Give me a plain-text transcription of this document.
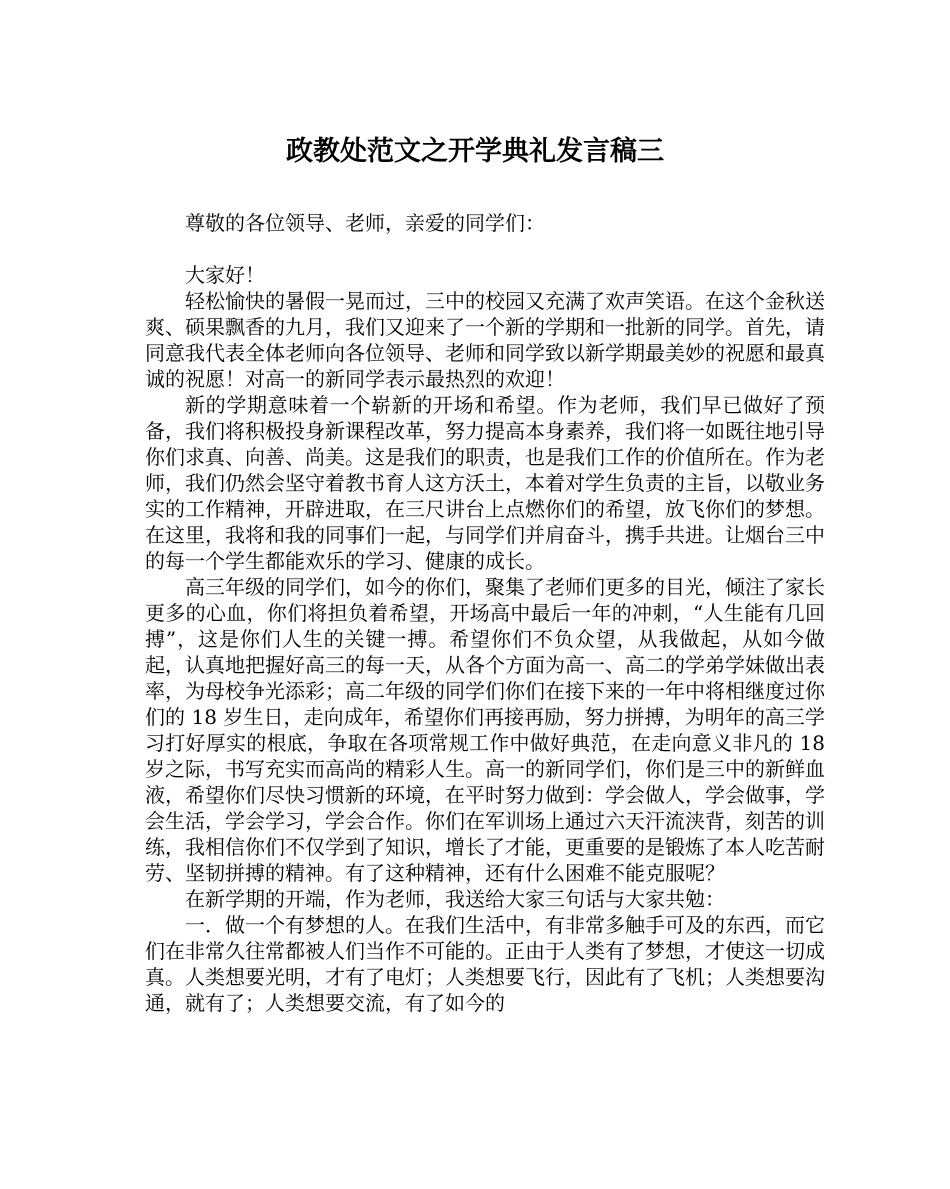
政教处范文之开学典礼发言稿三

尊敬的各位领导、老师，亲爱的同学们：

大家好！

轻松愉快的暑假一晃而过，三中的校园又充满了欢声笑语。在这个金秋送爽、硕果飘香的九月，我们又迎来了一个新的学期和一批新的同学。首先，请同意我代表全体老师向各位领导、老师和同学致以新学期最美妙的祝愿和最真诚的祝愿！对高一的新同学表示最热烈的欢迎！

新的学期意味着一个崭新的开场和希望。作为老师，我们早已做好了预备，我们将积极投身新课程改革，努力提高本身素养，我们将一如既往地引导你们求真、向善、尚美。这是我们的职责，也是我们工作的价值所在。作为老师，我们仍然会坚守着教书育人这方沃土，本着对学生负责的主旨，以敬业务实的工作精神，开辟进取，在三尺讲台上点燃你们的希望，放飞你们的梦想。在这里，我将和我的同事们一起，与同学们并肩奋斗，携手共进。让烟台三中的每一个学生都能欢乐的学习、健康的成长。

高三年级的同学们，如今的你们，聚集了老师们更多的目光，倾注了家长更多的心血，你们将担负着希望，开场高中最后一年的冲刺，“人生能有几回搏”，这是你们人生的关键一搏。希望你们不负众望，从我做起，从如今做起，认真地把握好高三的每一天，从各个方面为高一、高二的学弟学妹做出表率，为母校争光添彩；高二年级的同学们你们在接下来的一年中将相继度过你们的 18 岁生日，走向成年，希望你们再接再励，努力拼搏，为明年的高三学习打好厚实的根底，争取在各项常规工作中做好典范，在走向意义非凡的 18 岁之际，书写充实而高尚的精彩人生。高一的新同学们，你们是三中的新鲜血液，希望你们尽快习惯新的环境，在平时努力做到：学会做人，学会做事，学会生活，学会学习，学会合作。你们在军训场上通过六天汗流浃背，刻苦的训练，我相信你们不仅学到了知识，增长了才能，更重要的是锻炼了本人吃苦耐劳、坚韧拼搏的精神。有了这种精神，还有什么困难不能克服呢？

在新学期的开端，作为老师，我送给大家三句话与大家共勉：

一．做一个有梦想的人。在我们生活中，有非常多触手可及的东西，而它们在非常久往常都被人们当作不可能的。正由于人类有了梦想，才使这一切成真。人类想要光明，才有了电灯；人类想要飞行，因此有了飞机；人类想要沟通，就有了；人类想要交流，有了如今的
